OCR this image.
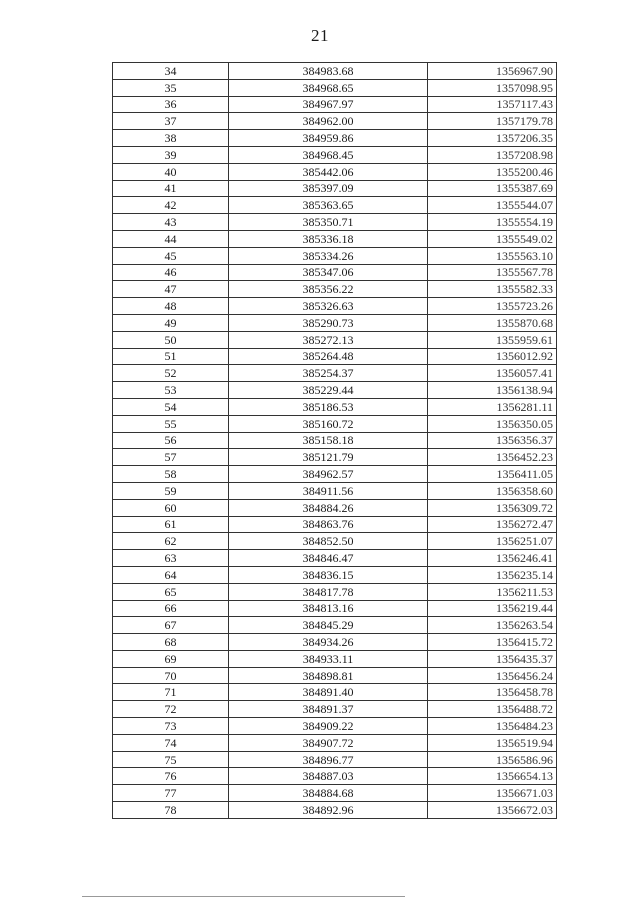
21
34	384983.68	1356967.90
35	384968.65	1357098.95
36	384967.97	1357117.43
37	384962.00	1357179.78
38	384959.86	1357206.35
39	384968.45	1357208.98
40	385442.06	1355200.46
41	385397.09	1355387.69
42	385363.65	1355544.07
43	385350.71	1355554.19
44	385336.18	1355549.02
45	385334.26	1355563.10
46	385347.06	1355567.78
47	385356.22	1355582.33
48	385326.63	1355723.26
49	385290.73	1355870.68
50	385272.13	1355959.61
51	385264.48	1356012.92
52	385254.37	1356057.41
53	385229.44	1356138.94
54	385186.53	1356281.11
55	385160.72	1356350.05
56	385158.18	1356356.37
57	385121.79	1356452.23
58	384962.57	1356411.05
59	384911.56	1356358.60
60	384884.26	1356309.72
61	384863.76	1356272.47
62	384852.50	1356251.07
63	384846.47	1356246.41
64	384836.15	1356235.14
65	384817.78	1356211.53
66	384813.16	1356219.44
67	384845.29	1356263.54
68	384934.26	1356415.72
69	384933.11	1356435.37
70	384898.81	1356456.24
71	384891.40	1356458.78
72	384891.37	1356488.72
73	384909.22	1356484.23
74	384907.72	1356519.94
75	384896.77	1356586.96
76	384887.03	1356654.13
77	384884.68	1356671.03
78	384892.96	1356672.03
